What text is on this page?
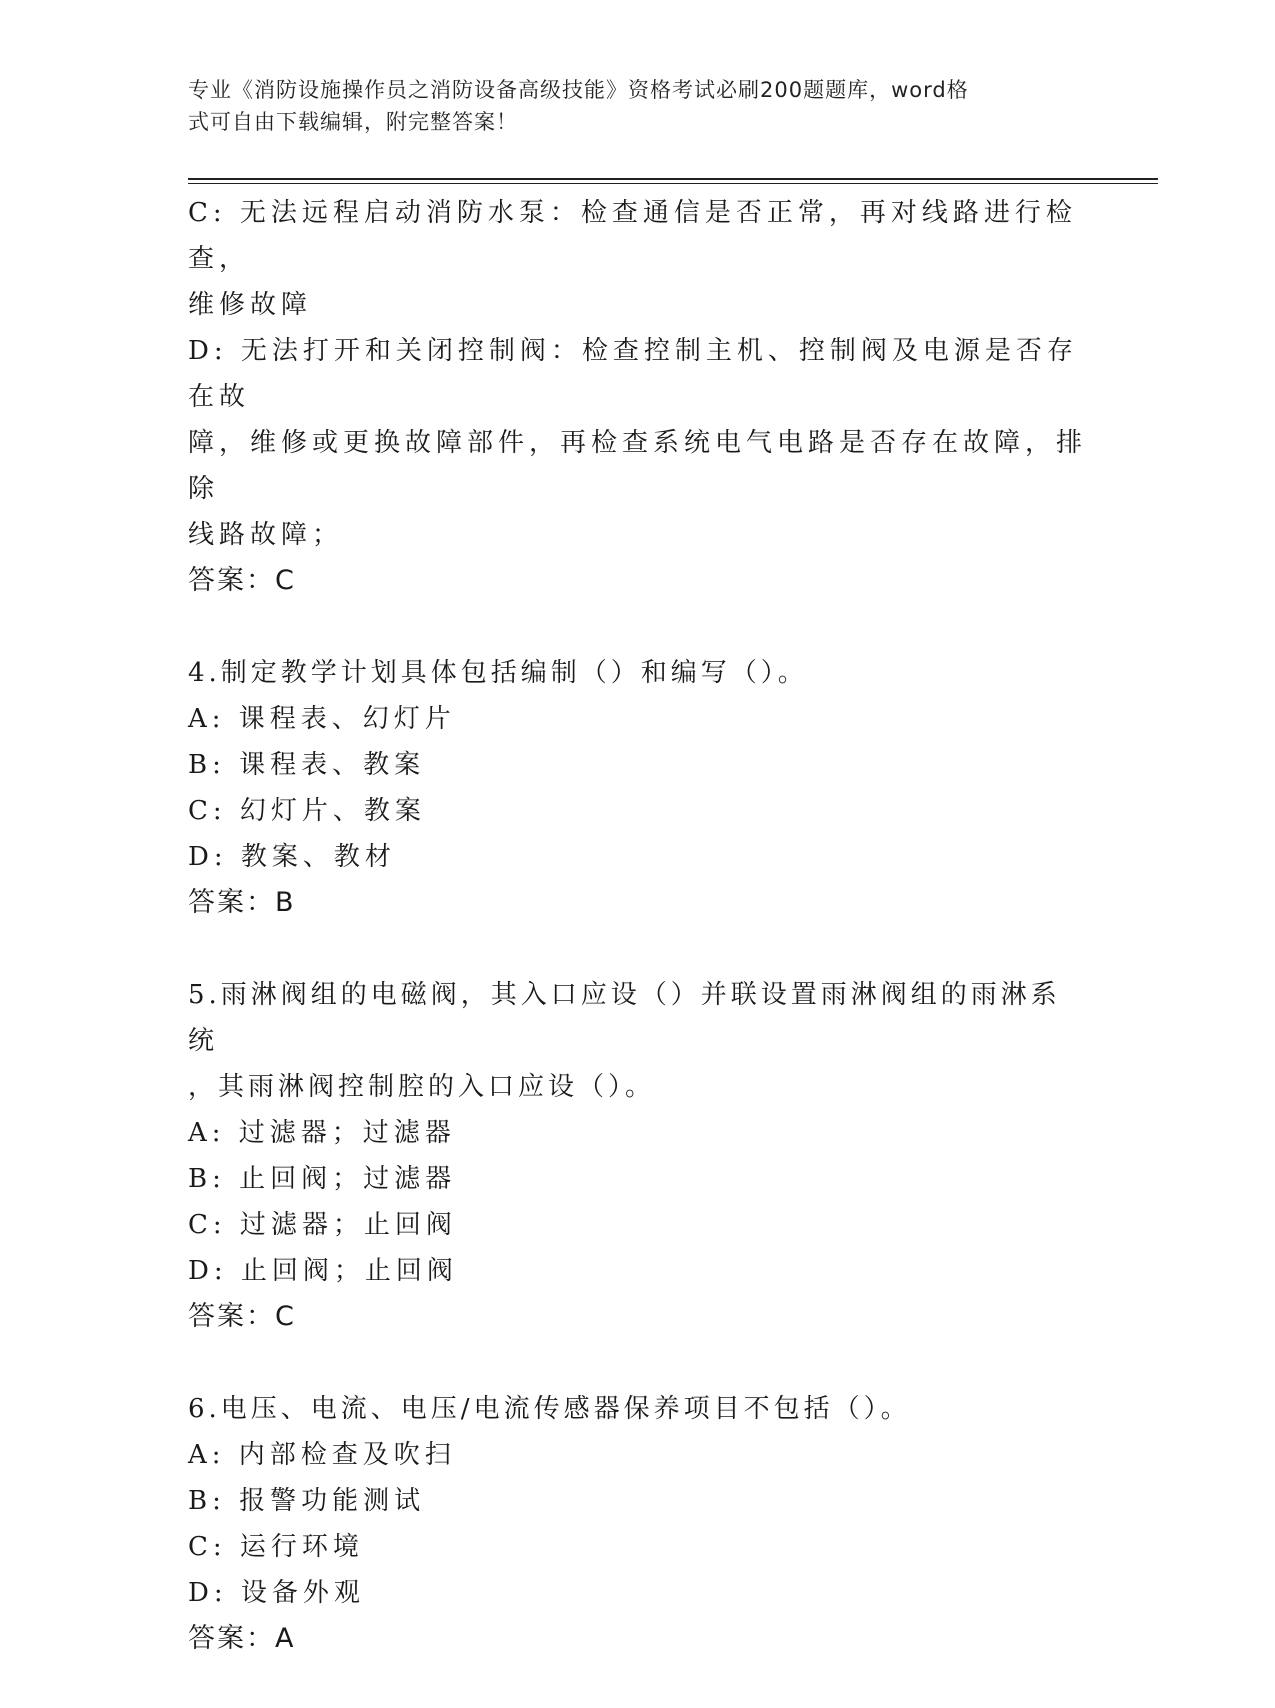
专业《消防设施操作员之消防设备高级技能》资格考试必刷200题题库，word格
式可自由下载编辑，附完整答案！
C: 无法远程启动消防水泵：检查通信是否正常，再对线路进行检查，
维修故障
D: 无法打开和关闭控制阀：检查控制主机、控制阀及电源是否存在故
障，维修或更换故障部件，再检查系统电气电路是否存在故障，排除
线路故障；
答案：C
4.制定教学计划具体包括编制（）和编写（）。
A: 课程表、幻灯片
B: 课程表、教案
C: 幻灯片、教案
D: 教案、教材
答案：B
5.雨淋阀组的电磁阀，其入口应设（）并联设置雨淋阀组的雨淋系统
，其雨淋阀控制腔的入口应设（）。
A: 过滤器；过滤器
B: 止回阀；过滤器
C: 过滤器；止回阀
D: 止回阀；止回阀
答案：C
6.电压、电流、电压/电流传感器保养项目不包括（）。
A: 内部检查及吹扫
B: 报警功能测试
C: 运行环境
D: 设备外观
答案：A
